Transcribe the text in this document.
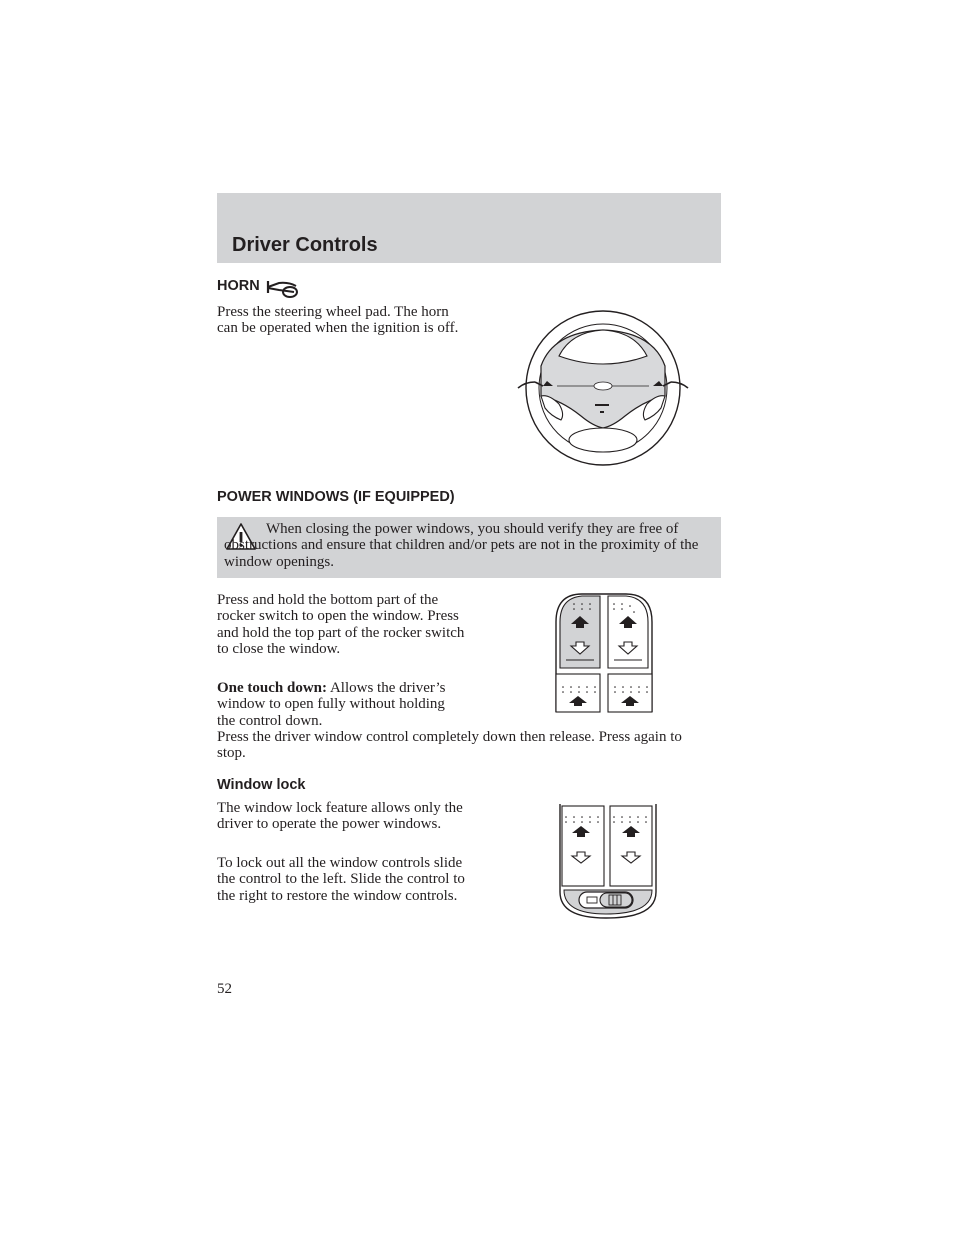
Driver Controls
HORN

Press the steering wheel pad. The horn can be operated when the ignition is off.

POWER WINDOWS (IF EQUIPPED)

When closing the power windows, you should verify they are free of obstructions and ensure that children and/or pets are not in the proximity of the window openings.

Press and hold the bottom part of the rocker switch to open the window. Press and hold the top part of the rocker switch to close the window.

One touch down: Allows the driver’s window to open fully without holding the control down.

Press the driver window control completely down then release. Press again to stop.

Window lock

The window lock feature allows only the driver to operate the power windows.

To lock out all the window controls slide the control to the left. Slide the control to the right to restore the window controls.

52
